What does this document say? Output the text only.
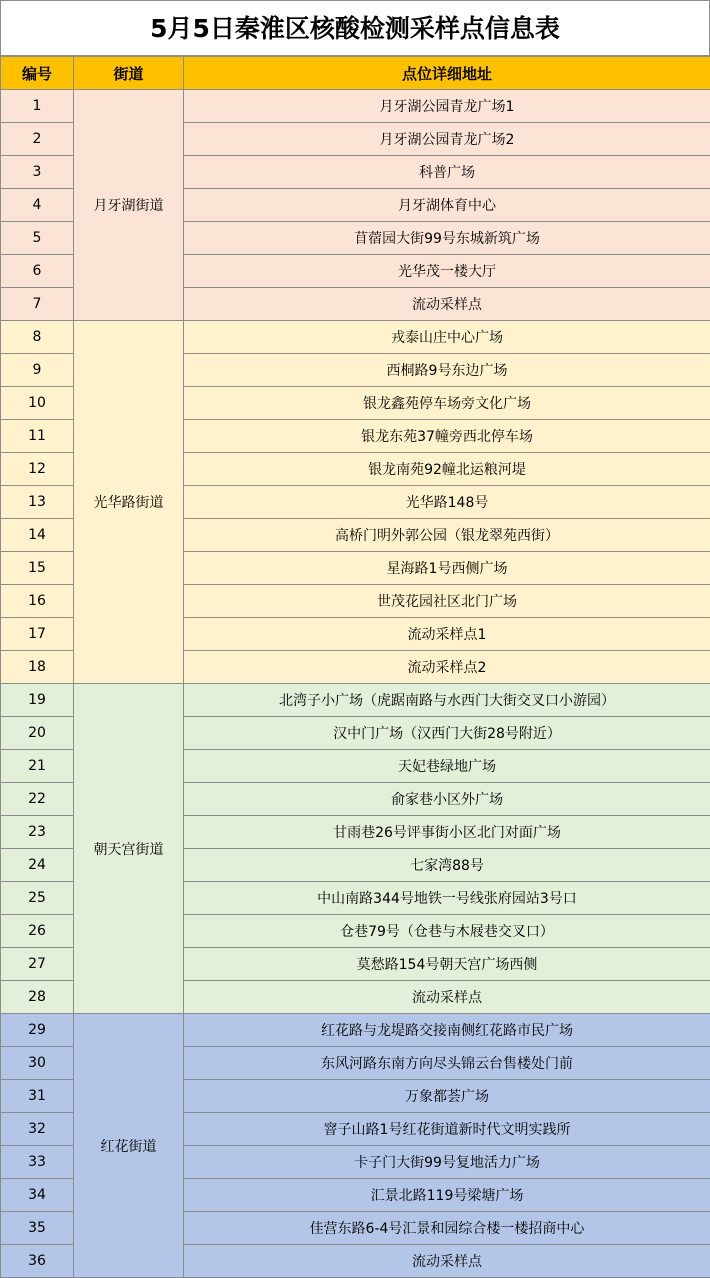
5月5日秦淮区核酸检测采样点信息表
编号	街道	点位详细地址
1	月牙湖街道	月牙湖公园青龙广场1
2		月牙湖公园青龙广场2
3		科普广场
4		月牙湖体育中心
5		苜蓿园大街99号东城新筑广场
6		光华茂一楼大厅
7		流动采样点
8	光华路街道	戎泰山庄中心广场
9		西桐路9号东边广场
10		银龙鑫苑停车场旁文化广场
11		银龙东苑37幢旁西北停车场
12		银龙南苑92幢北运粮河堤
13		光华路148号
14		高桥门明外郭公园（银龙翠苑西街）
15		星海路1号西侧广场
16		世茂花园社区北门广场
17		流动采样点1
18		流动采样点2
19	朝天宫街道	北湾子小广场（虎踞南路与水西门大街交叉口小游园）
20		汉中门广场（汉西门大街28号附近）
21		天妃巷绿地广场
22		俞家巷小区外广场
23		甘雨巷26号评事街小区北门对面广场
24		七家湾88号
25		中山南路344号地铁一号线张府园站3号口
26		仓巷79号（仓巷与木屐巷交叉口）
27		莫愁路154号朝天宫广场西侧
28		流动采样点
29	红花街道	红花路与龙堤路交接南侧红花路市民广场
30		东风河路东南方向尽头锦云台售楼处门前
31		万象都荟广场
32		窨子山路1号红花街道新时代文明实践所
33		卡子门大街99号复地活力广场
34		汇景北路119号梁塘广场
35		佳营东路6-4号汇景和园综合楼一楼招商中心
36		流动采样点
